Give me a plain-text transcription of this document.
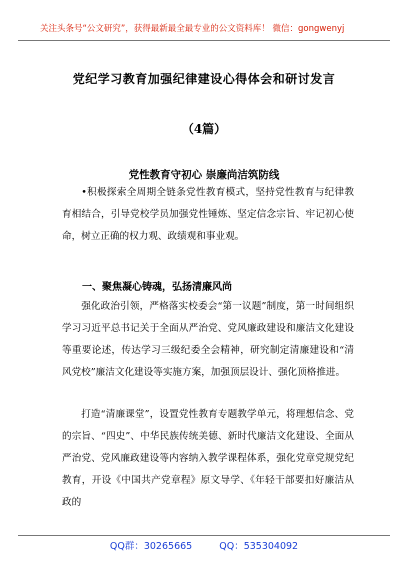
关注头条号“公文研究”，获得最新最全最专业的公文资料库！ 微信：gongwenyj
党纪学习教育加强纪律建设心得体会和研讨发言
（4篇）
党性教育守初心 崇廉尚洁筑防线
•积极探索全周期全链条党性教育模式，坚持党性教育与纪律教育相结合，引导党校学员加强党性锤炼、坚定信念宗旨、牢记初心使命，树立正确的权力观、政绩观和事业观。
一、聚焦凝心铸魂，弘扬清廉风尚
强化政治引领，严格落实校委会“第一议题”制度，第一时间组织学习习近平总书记关于全面从严治党、党风廉政建设和廉洁文化建设等重要论述，传达学习三级纪委全会精神，研究制定清廉建设和“清风党校”廉洁文化建设等实施方案，加强顶层设计、强化顶格推进。
打造“清廉课堂”，设置党性教育专题教学单元，将理想信念、党的宗旨、“四史”、中华民族传统美德、新时代廉洁文化建设、全面从严治党、党风廉政建设等内容纳入教学课程体系，强化党章党规党纪教育，开设《中国共产党章程》原文导学、《年轻干部要扣好廉洁从政的
QQ群：30265665	QQ：535304092
